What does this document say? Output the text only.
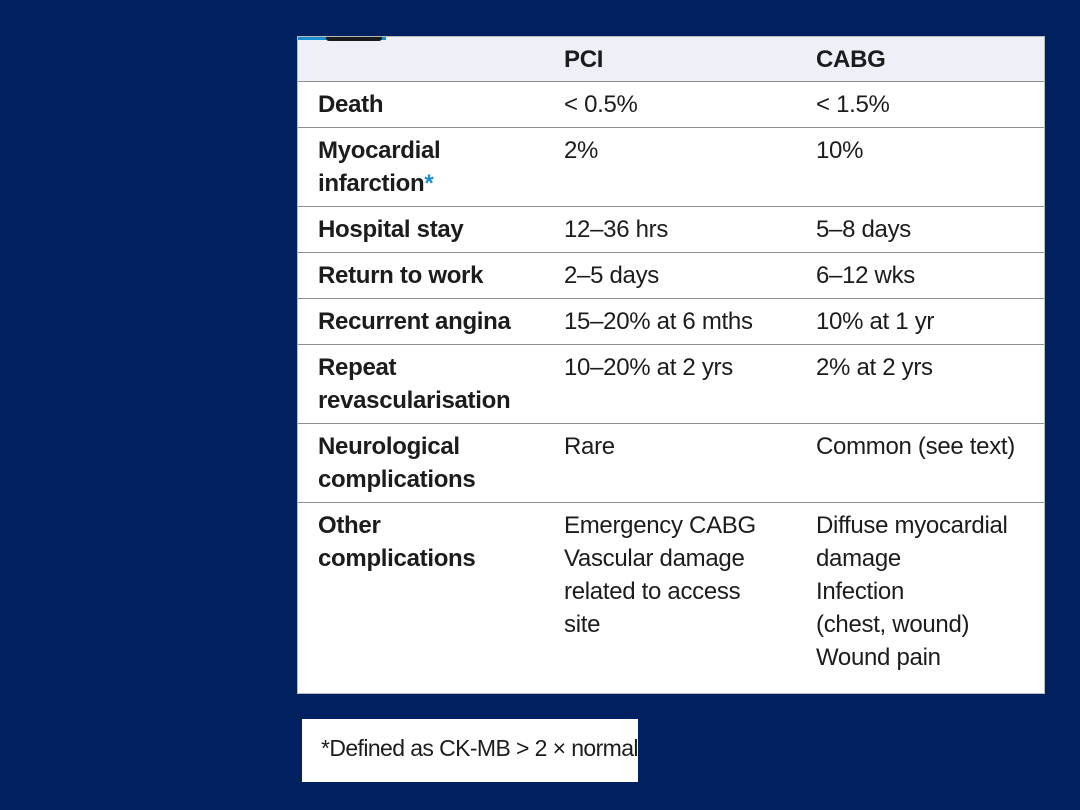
	PCI	CABG

Death	< 0.5%	< 1.5%

Myocardial
infarction*	2%	10%

Hospital stay	12–36 hrs	5–8 days

Return to work	2–5 days	6–12 wks

Recurrent angina	15–20% at 6 mths	10% at 1 yr

Repeat
revascularisation	10–20% at 2 yrs	2% at 2 yrs

Neurological
complications	Rare	Common (see text)

Other
complications	Emergency CABG
Vascular damage
related to access
site	Diffuse myocardial
damage
Infection
(chest, wound)
Wound pain
*Defined as CK-MB > 2 × normal
